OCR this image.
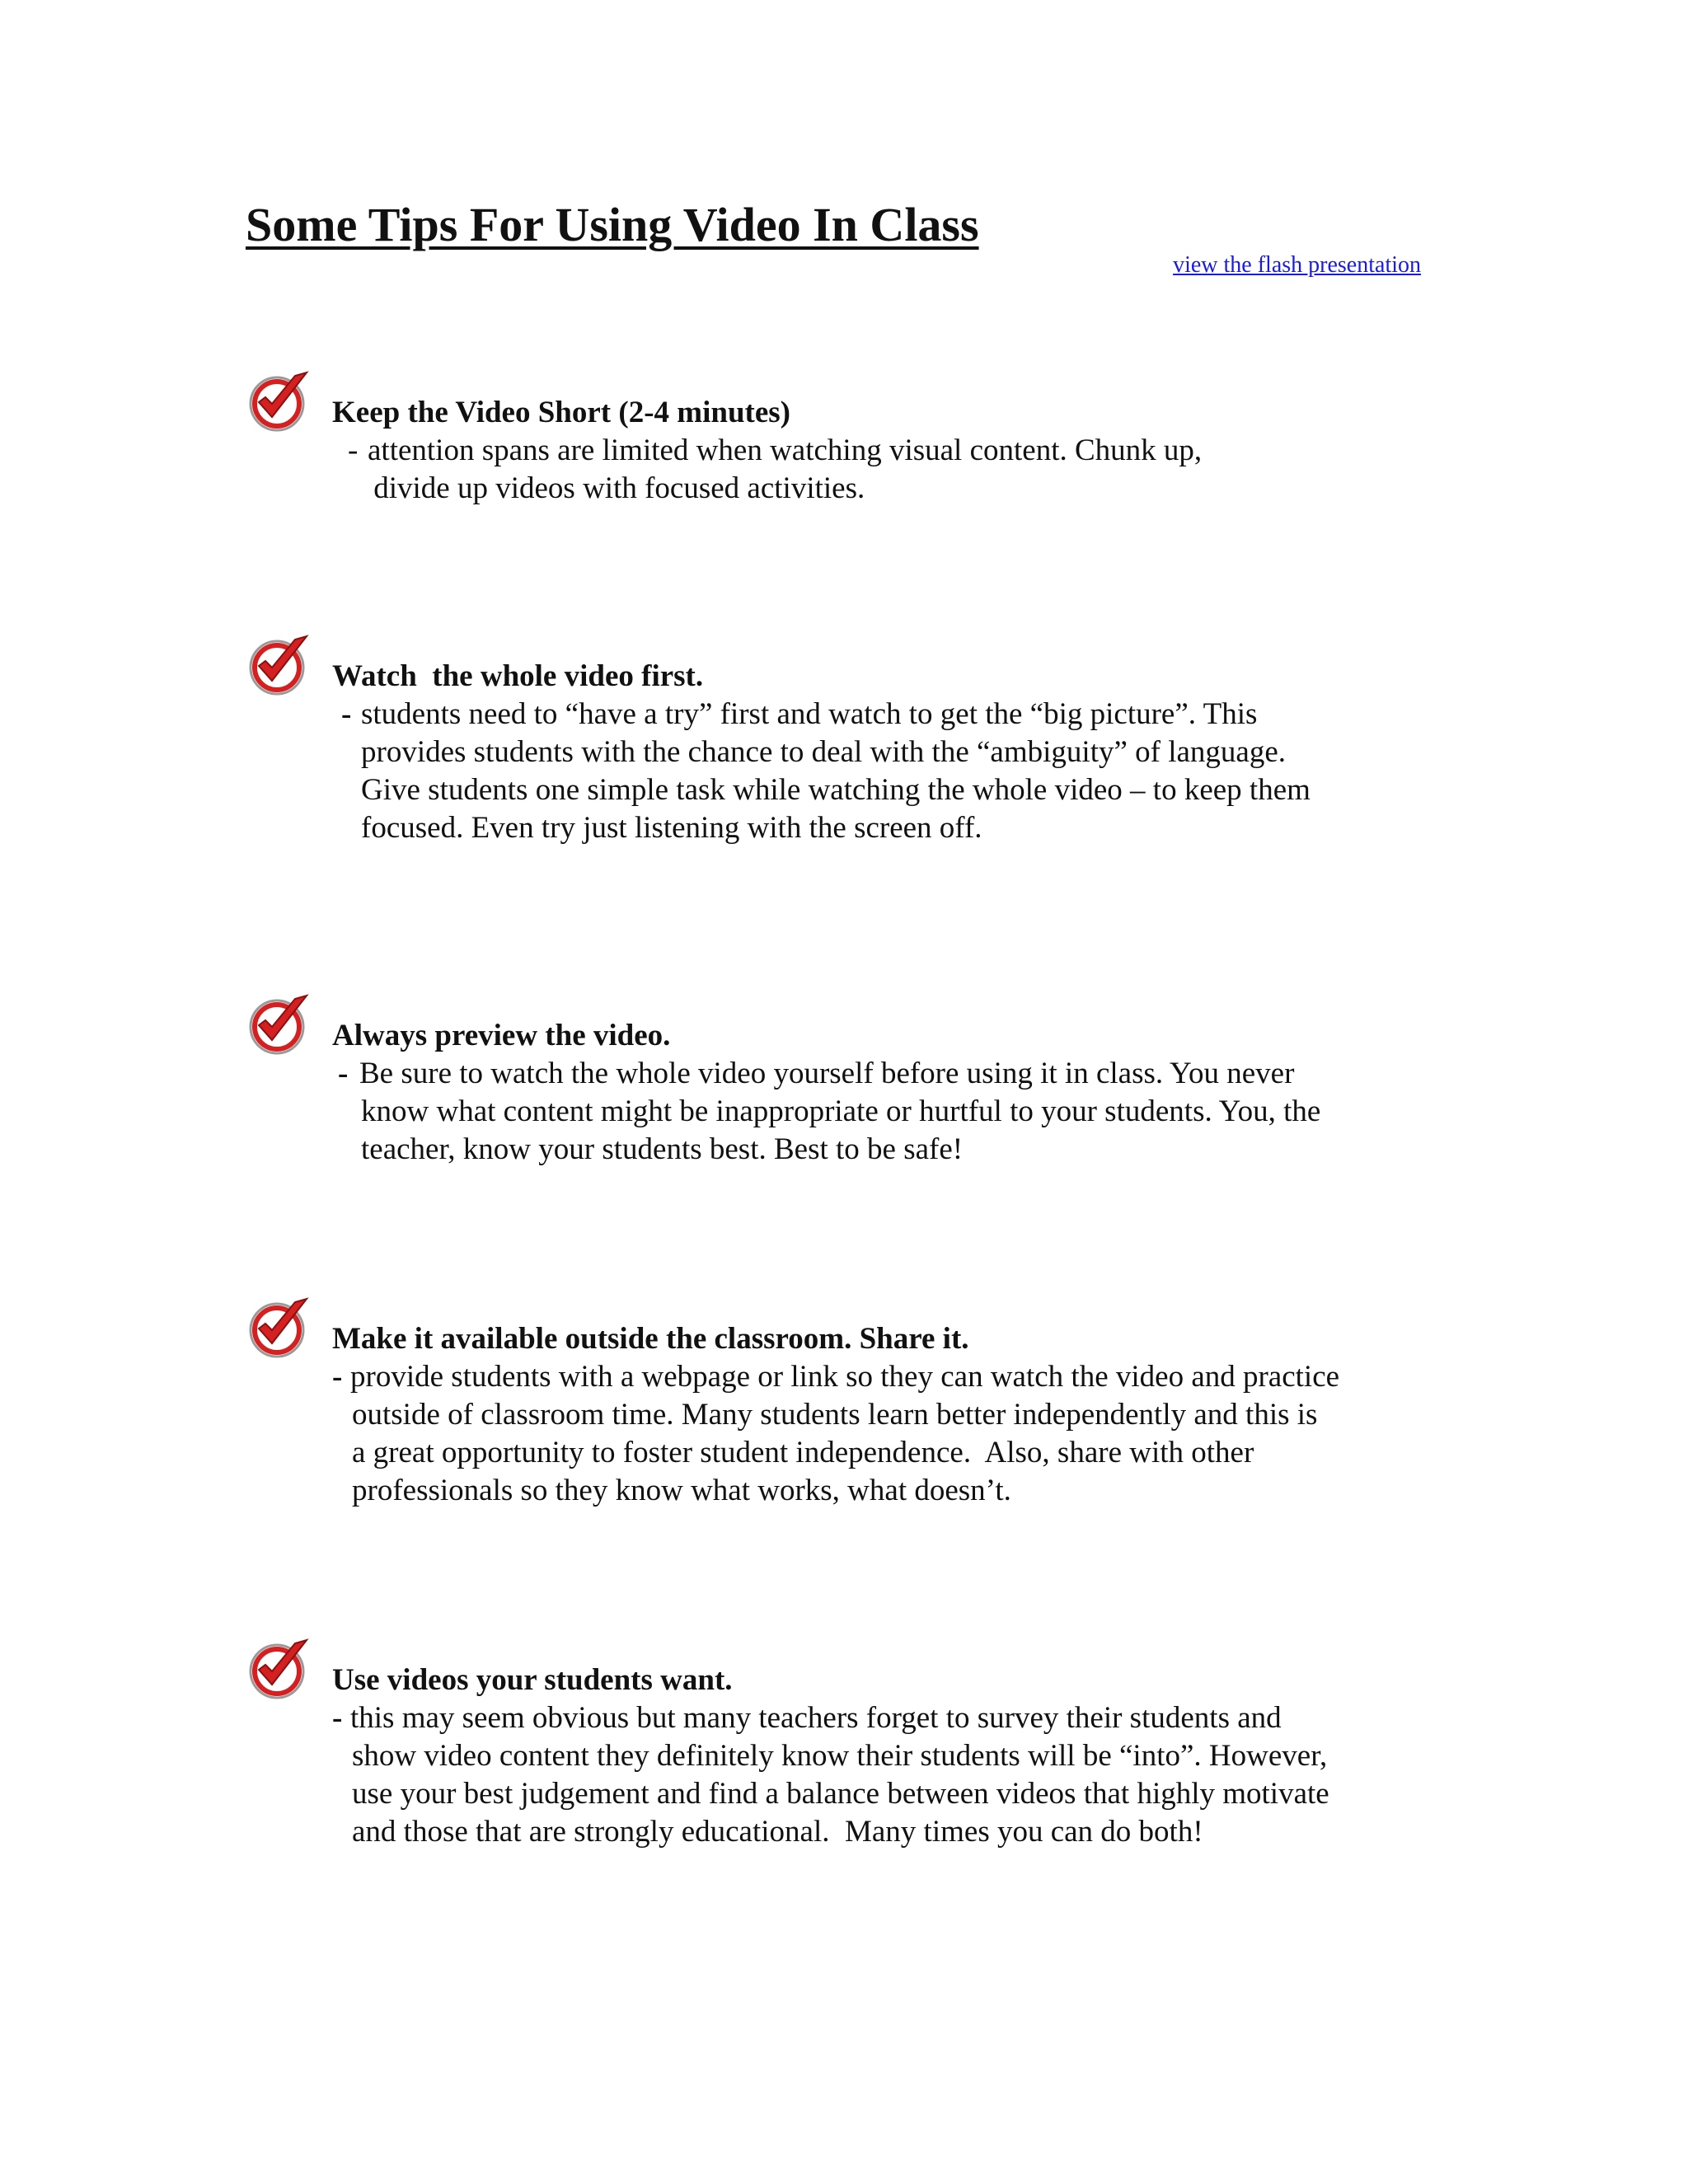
Some Tips For Using Video In Class
view the flash presentation
Keep the Video Short (2-4 minutes)
- attention spans are limited when watching visual content. Chunk up,
divide up videos with focused activities.
Watch  the whole video first.
- students need to “have a try” first and watch to get the “big picture”. This
provides students with the chance to deal with the “ambiguity” of language.
Give students one simple task while watching the whole video – to keep them
focused. Even try just listening with the screen off.
Always preview the video.
- Be sure to watch the whole video yourself before using it in class. You never
know what content might be inappropriate or hurtful to your students. You, the
teacher, know your students best. Best to be safe!
Make it available outside the classroom. Share it.
- provide students with a webpage or link so they can watch the video and practice
outside of classroom time. Many students learn better independently and this is
a great opportunity to foster student independence.  Also, share with other
professionals so they know what works, what doesn’t.
Use videos your students want.
- this may seem obvious but many teachers forget to survey their students and
show video content they definitely know their students will be “into”. However,
use your best judgement and find a balance between videos that highly motivate
and those that are strongly educational.  Many times you can do both!
